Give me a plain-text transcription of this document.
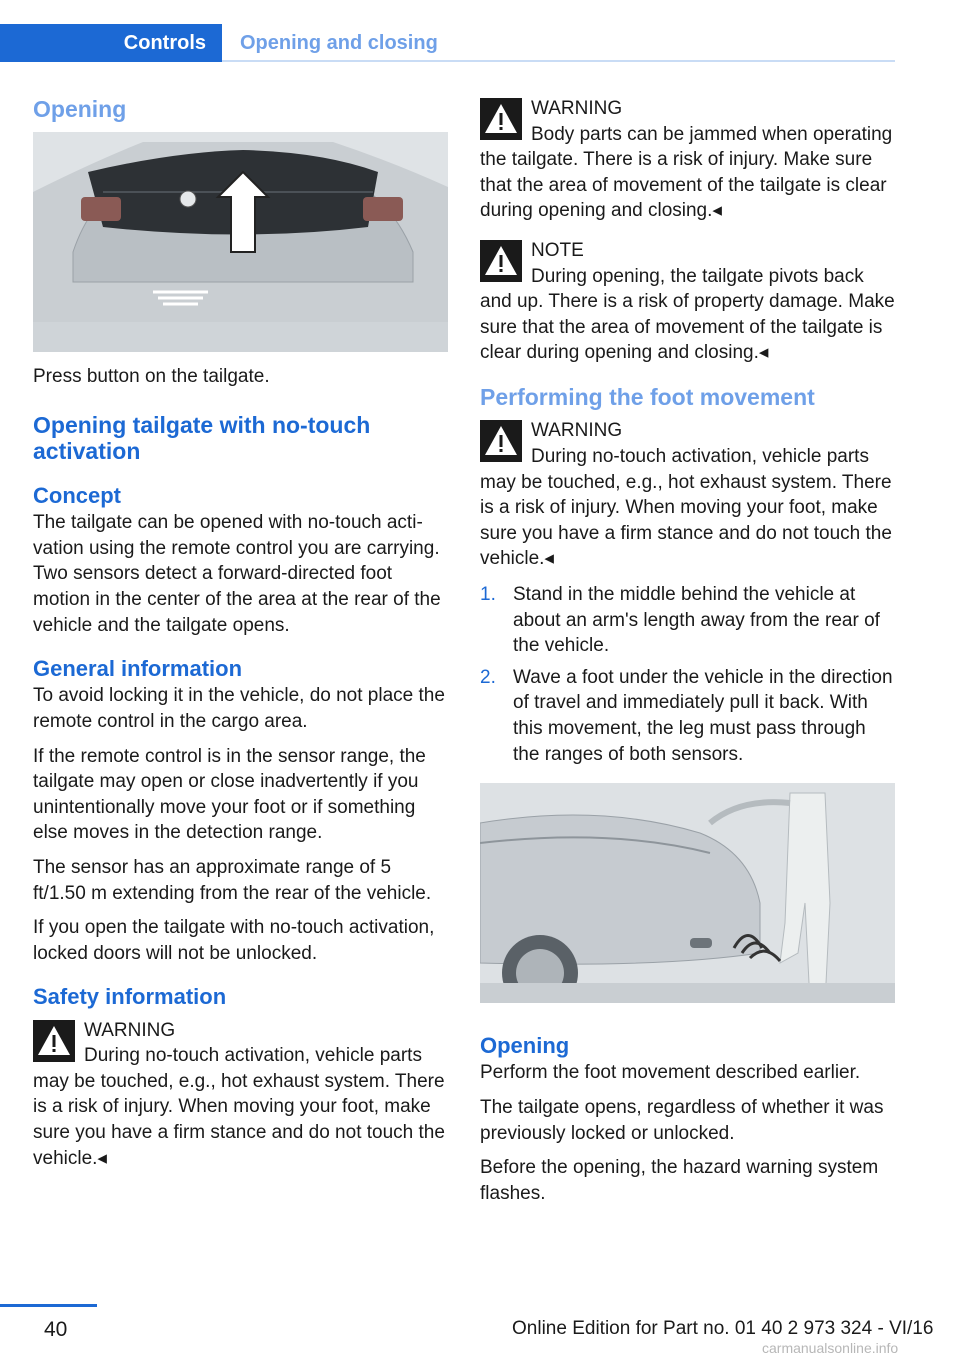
Controls	Opening and closing
Opening

Press button on the tailgate.

Opening tailgate with no-touch activation
Concept

The tailgate can be opened with no-touch activation using the remote control you are carrying. Two sensors detect a forward-directed foot motion in the center of the area at the rear of the vehicle and the tailgate opens.

General information

To avoid locking it in the vehicle, do not place the remote control in the cargo area.

If the remote control is in the sensor range, the tailgate may open or close inadvertently if you unintentionally move your foot or if something else moves in the detection range.

The sensor has an approximate range of 5 ft/1.50 m extending from the rear of the vehicle.

If you open the tailgate with no-touch activation, locked doors will not be unlocked.

Safety information
WARNING
During no-touch activation, vehicle parts may be touched, e.g., hot exhaust system. There is a risk of injury. When moving your foot, make sure you have a firm stance and do not touch the vehicle.◂
WARNING
Body parts can be jammed when operating the tailgate. There is a risk of injury. Make sure that the area of movement of the tailgate is clear during opening and closing.◂
NOTE
During opening, the tailgate pivots back and up. There is a risk of property damage. Make sure that the area of movement of the tailgate is clear during opening and closing.◂
Performing the foot movement
WARNING
During no-touch activation, vehicle parts may be touched, e.g., hot exhaust system. There is a risk of injury. When moving your foot, make sure you have a firm stance and do not touch the vehicle.◂
1. Stand in the middle behind the vehicle at about an arm's length away from the rear of the vehicle.
2. Wave a foot under the vehicle in the direction of travel and immediately pull it back. With this movement, the leg must pass through the ranges of both sensors.
Opening

Perform the foot movement described earlier.

The tailgate opens, regardless of whether it was previously locked or unlocked.

Before the opening, the hazard warning system flashes.

40	Online Edition for Part no. 01 40 2 973 324 - VI/16
carmanualsonline.info
